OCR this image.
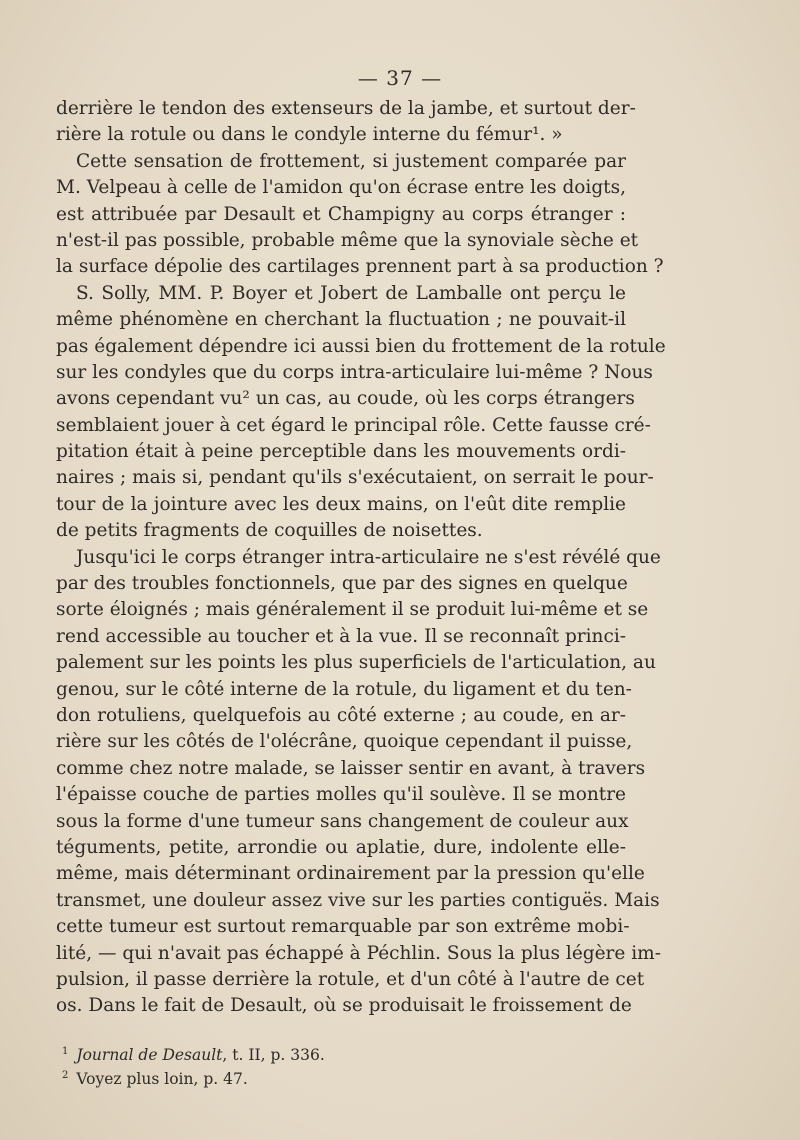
— 37 —
derrière le tendon des extenseurs de la jambe, et surtout der-
rière la rotule ou dans le condyle interne du fémur¹. »
Cette sensation de frottement, si justement comparée par
M. Velpeau à celle de l'amidon qu'on écrase entre les doigts,
est attribuée par Desault et Champigny au corps étranger :
n'est-il pas possible, probable même que la synoviale sèche et
la surface dépolie des cartilages prennent part à sa production ?
S. Solly, MM. P. Boyer et Jobert de Lamballe ont perçu le
même phénomène en cherchant la fluctuation ; ne pouvait-il
pas également dépendre ici aussi bien du frottement de la rotule
sur les condyles que du corps intra-articulaire lui-même ? Nous
avons cependant vu² un cas, au coude, où les corps étrangers
semblaient jouer à cet égard le principal rôle. Cette fausse cré-
pitation était à peine perceptible dans les mouvements ordi-
naires ; mais si, pendant qu'ils s'exécutaient, on serrait le pour-
tour de la jointure avec les deux mains, on l'eût dite remplie
de petits fragments de coquilles de noisettes.
Jusqu'ici le corps étranger intra-articulaire ne s'est révélé que
par des troubles fonctionnels, que par des signes en quelque
sorte éloignés ; mais généralement il se produit lui-même et se
rend accessible au toucher et à la vue. Il se reconnaît princi-
palement sur les points les plus superficiels de l'articulation, au
genou, sur le côté interne de la rotule, du ligament et du ten-
don rotuliens, quelquefois au côté externe ; au coude, en ar-
rière sur les côtés de l'olécrâne, quoique cependant il puisse,
comme chez notre malade, se laisser sentir en avant, à travers
l'épaisse couche de parties molles qu'il soulève. Il se montre
sous la forme d'une tumeur sans changement de couleur aux
téguments, petite, arrondie ou aplatie, dure, indolente elle-
même, mais déterminant ordinairement par la pression qu'elle
transmet, une douleur assez vive sur les parties contiguës. Mais
cette tumeur est surtout remarquable par son extrême mobi-
lité, — qui n'avait pas échappé à Péchlin. Sous la plus légère im-
pulsion, il passe derrière la rotule, et d'un côté à l'autre de cet
os. Dans le fait de Desault, où se produisait le froissement de
$^1$ Journal de Desault, t. II, p. 336.
$^2$ Voyez plus loin, p. 47.
